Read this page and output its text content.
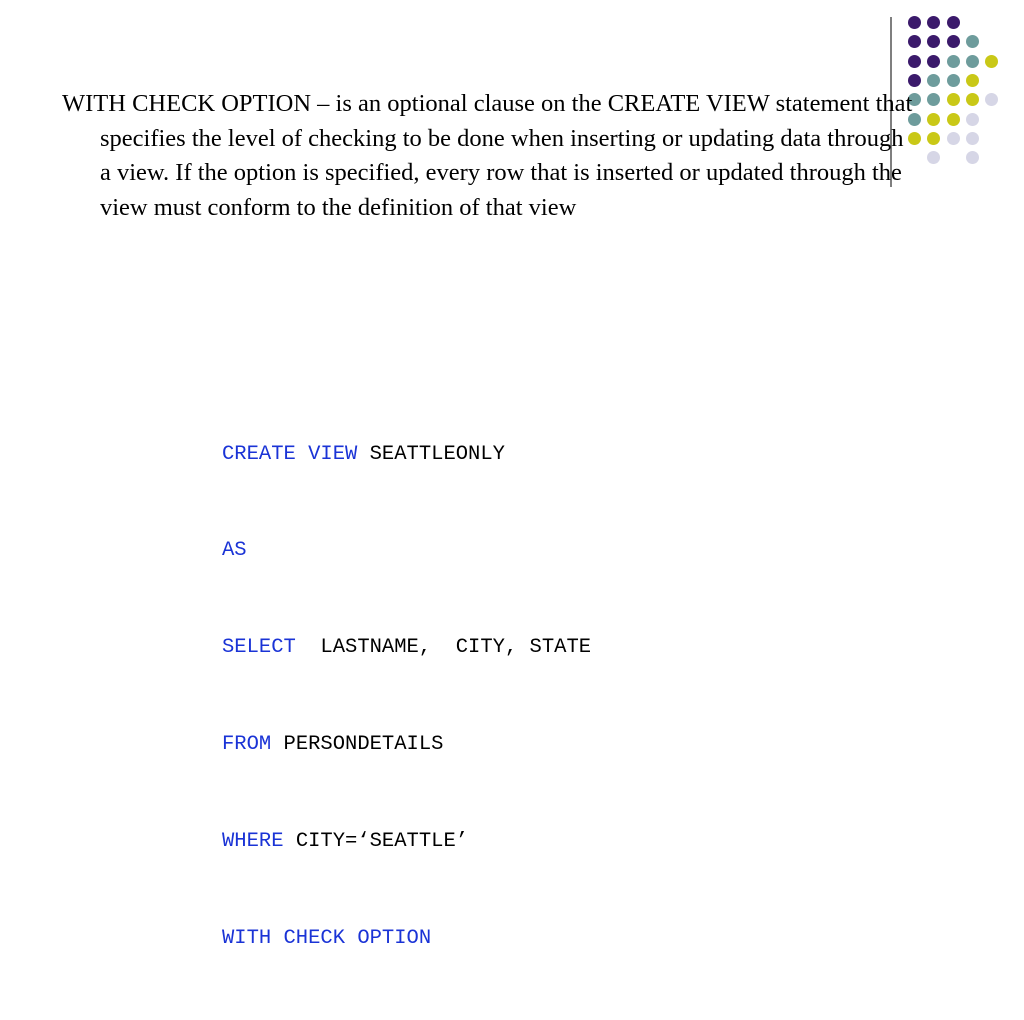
WITH CHECK OPTION – is an optional clause on the CREATE VIEW statement that specifies the level of checking to be done when inserting or updating data through a view. If the option is specified, every row that is inserted or updated through the view must conform to the definition of that view

CREATE VIEW SEATTLEONLY

AS

SELECT  LASTNAME,  CITY, STATE

FROM PERSONDETAILS

WHERE CITY=‘SEATTLE’

WITH CHECK OPTION
